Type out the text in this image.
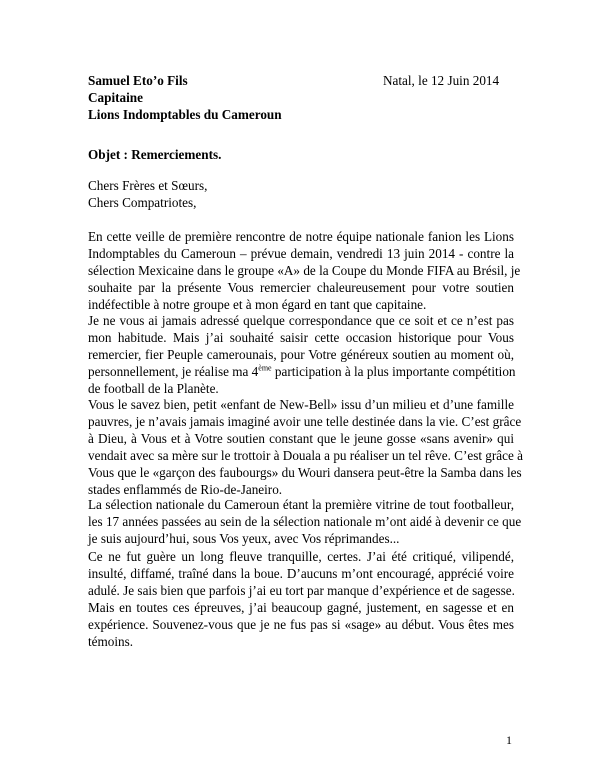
Samuel Eto’o Fils
Capitaine
Lions Indomptables du Cameroun
Natal, le 12 Juin 2014
Objet : Remerciements.
Chers Frères et Sœurs,
Chers Compatriotes,
En cette veille de première rencontre de notre équipe nationale fanion les Lions
Indomptables du Cameroun – prévue demain, vendredi 13 juin 2014 - contre la
sélection Mexicaine dans le groupe «A» de la Coupe du Monde FIFA au Brésil, je
souhaite par la présente Vous remercier chaleureusement pour votre soutien
indéfectible à notre groupe et à mon égard en tant que capitaine.
Je ne vous ai jamais adressé quelque correspondance que ce soit et ce n’est pas
mon habitude. Mais j’ai souhaité saisir cette occasion historique pour Vous
remercier, fier Peuple camerounais, pour Votre généreux soutien au moment où,
personnellement, je réalise ma 4ème participation à la plus importante compétition
de football de la Planète.
Vous le savez bien, petit «enfant de New-Bell» issu d’un milieu et d’une famille
pauvres, je n’avais jamais imaginé avoir une telle destinée dans la vie. C’est grâce
à Dieu, à Vous et à Votre soutien constant que le jeune gosse «sans avenir» qui
vendait avec sa mère sur le trottoir à Douala a pu réaliser un tel rêve. C’est grâce à
Vous que le «garçon des faubourgs» du Wouri dansera peut-être la Samba dans les
stades enflammés de Rio-de-Janeiro.
La sélection nationale du Cameroun étant la première vitrine de tout footballeur,
les 17 années passées au sein de la sélection nationale m’ont aidé à devenir ce que
je suis aujourd’hui, sous Vos yeux, avec Vos réprimandes...
Ce ne fut guère un long fleuve tranquille, certes. J’ai été critiqué, vilipendé,
insulté, diffamé, traîné dans la boue. D’aucuns m’ont encouragé, apprécié voire
adulé. Je sais bien que parfois j’ai eu tort par manque d’expérience et de sagesse.
Mais en toutes ces épreuves, j’ai beaucoup gagné, justement, en sagesse et en
expérience. Souvenez-vous que je ne fus pas si «sage» au début. Vous êtes mes
témoins.
1
